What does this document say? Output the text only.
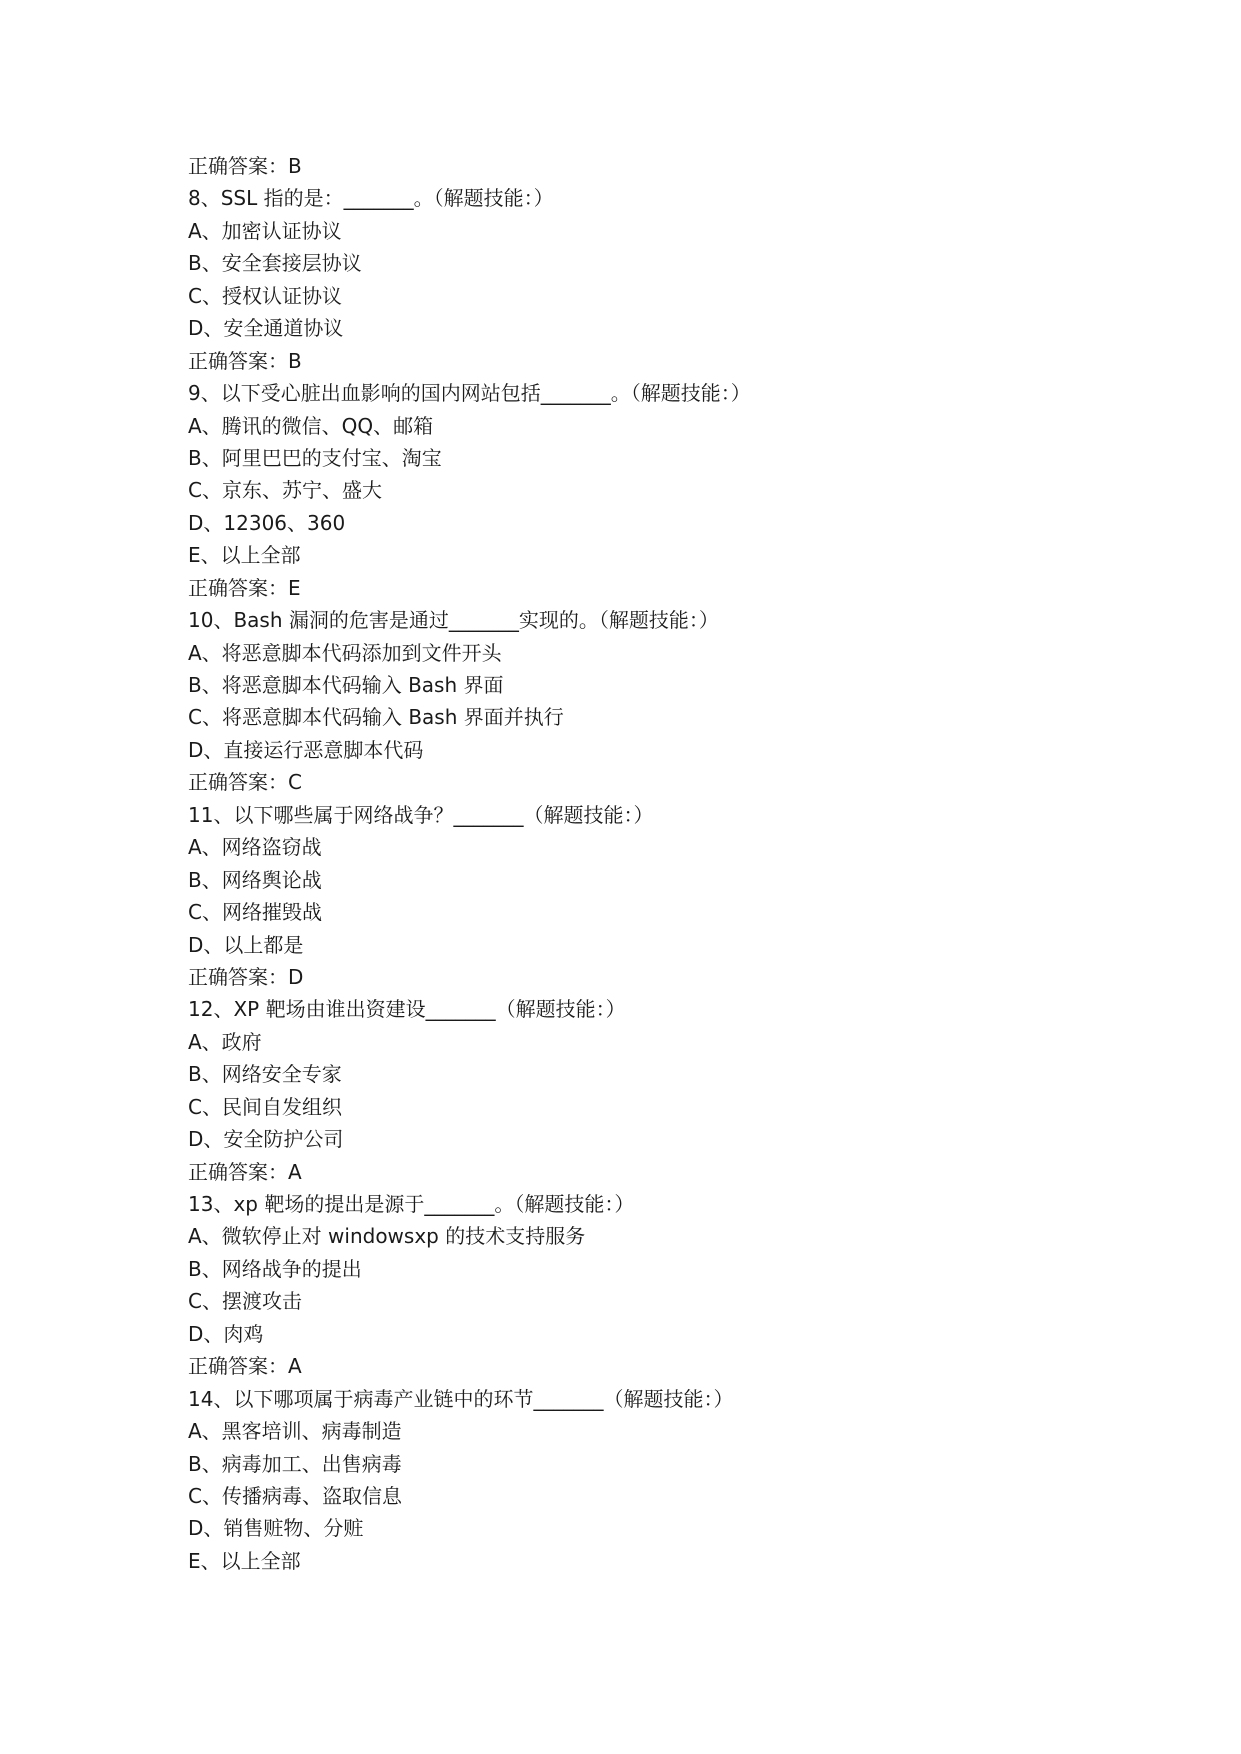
正确答案：B
8、SSL 指的是：_______。（解题技能：）
A、加密认证协议
B、安全套接层协议
C、授权认证协议
D、安全通道协议
正确答案：B
9、以下受心脏出血影响的国内网站包括_______。（解题技能：）
A、腾讯的微信、QQ、邮箱
B、阿里巴巴的支付宝、淘宝
C、京东、苏宁、盛大
D、12306、360
E、以上全部
正确答案：E
10、Bash 漏洞的危害是通过_______实现的。（解题技能：）
A、将恶意脚本代码添加到文件开头
B、将恶意脚本代码输入 Bash 界面
C、将恶意脚本代码输入 Bash 界面并执行
D、直接运行恶意脚本代码
正确答案：C
11、以下哪些属于网络战争？_______（解题技能：）
A、网络盗窃战
B、网络舆论战
C、网络摧毁战
D、以上都是
正确答案：D
12、XP 靶场由谁出资建设_______（解题技能：）
A、政府
B、网络安全专家
C、民间自发组织
D、安全防护公司
正确答案：A
13、xp 靶场的提出是源于_______。（解题技能：）
A、微软停止对 windowsxp 的技术支持服务
B、网络战争的提出
C、摆渡攻击
D、肉鸡
正确答案：A
14、以下哪项属于病毒产业链中的环节_______（解题技能：）
A、黑客培训、病毒制造
B、病毒加工、出售病毒
C、传播病毒、盗取信息
D、销售赃物、分赃
E、以上全部
